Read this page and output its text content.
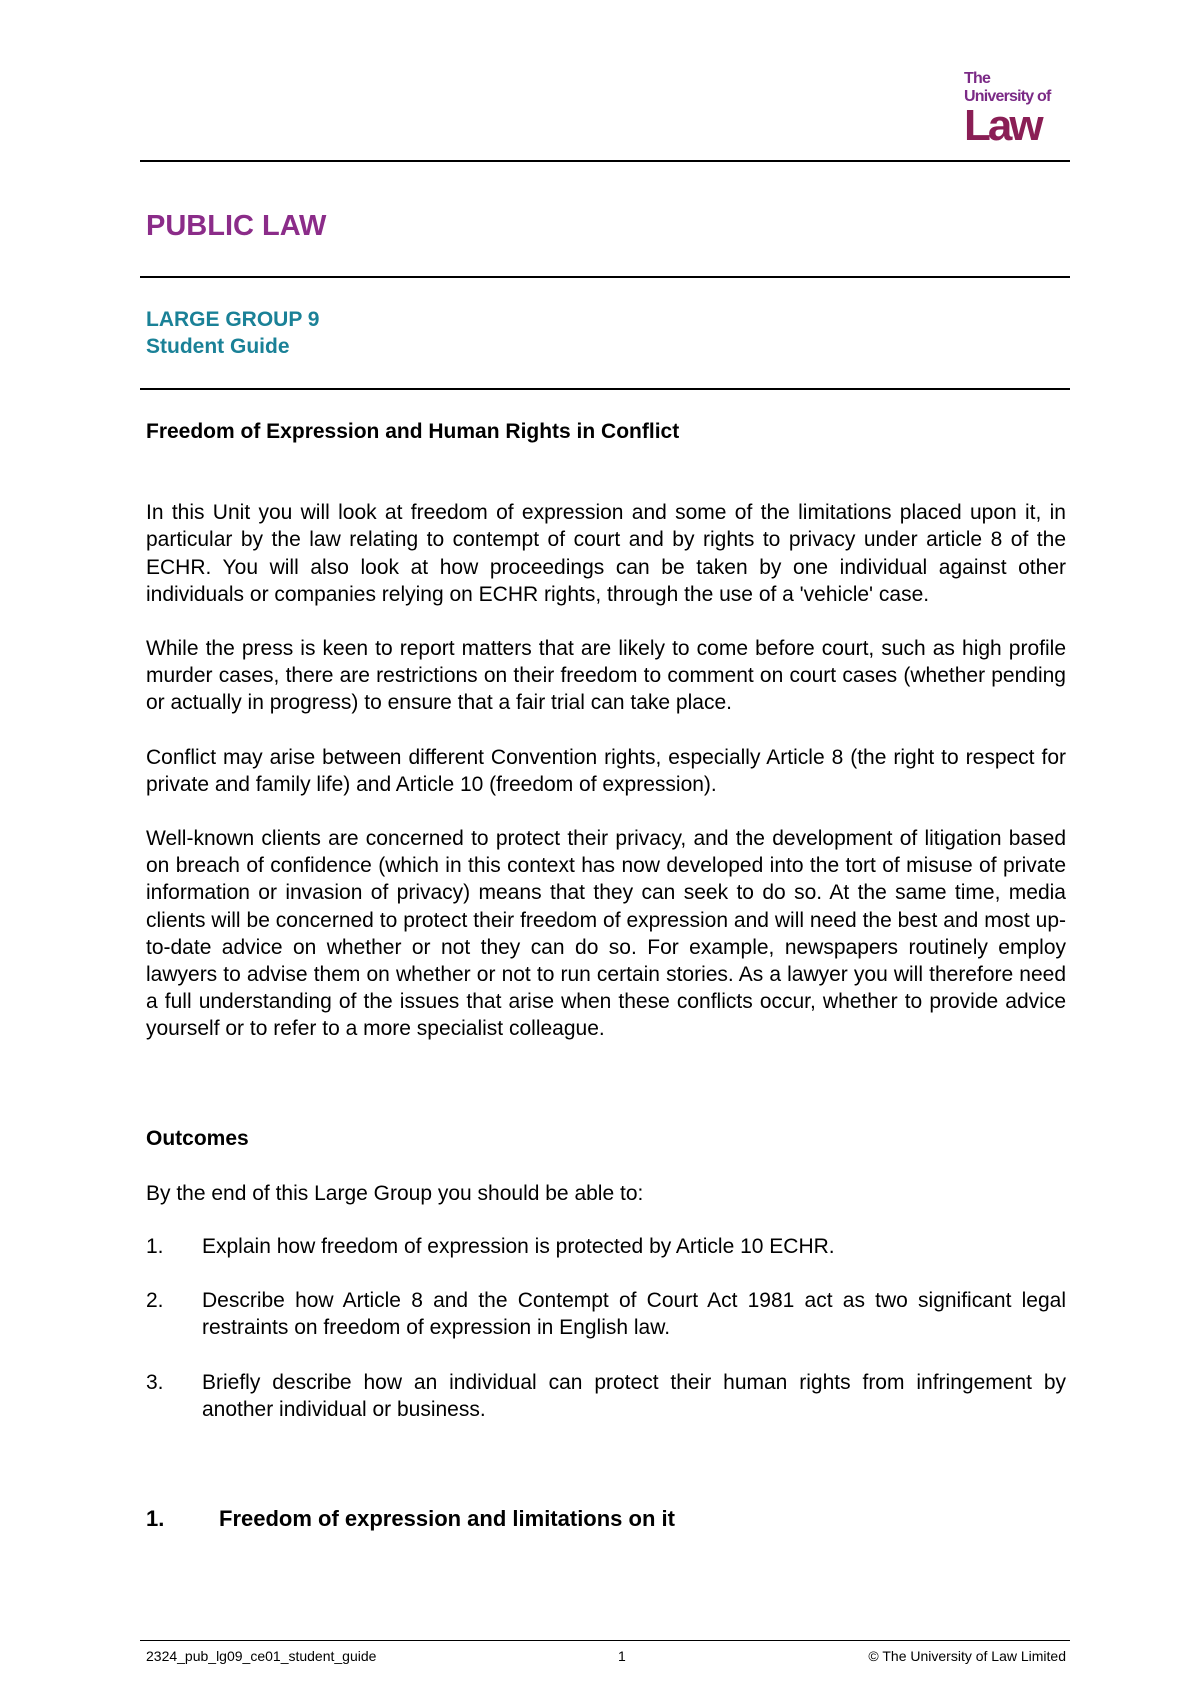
The
University of
Law
PUBLIC LAW
LARGE GROUP 9
Student Guide
Freedom of Expression and Human Rights in Conflict

In this Unit you will look at freedom of expression and some of the limitations placed upon it, in particular by the law relating to contempt of court and by rights to privacy under article 8 of the ECHR. You will also look at how proceedings can be taken by one individual against other individuals or companies relying on ECHR rights, through the use of a 'vehicle' case.

While the press is keen to report matters that are likely to come before court, such as high profile murder cases, there are restrictions on their freedom to comment on court cases (whether pending or actually in progress) to ensure that a fair trial can take place.

Conflict may arise between different Convention rights, especially Article 8 (the right to respect for private and family life) and Article 10 (freedom of expression).

Well-known clients are concerned to protect their privacy, and the development of litigation based on breach of confidence (which in this context has now developed into the tort of misuse of private information or invasion of privacy) means that they can seek to do so. At the same time, media clients will be concerned to protect their freedom of expression and will need the best and most up-to-date advice on whether or not they can do so. For example, newspapers routinely employ lawyers to advise them on whether or not to run certain stories. As a lawyer you will therefore need a full understanding of the issues that arise when these conflicts occur, whether to provide advice yourself or to refer to a more specialist colleague.

Outcomes

By the end of this Large Group you should be able to:

1.	Explain how freedom of expression is protected by Article 10 ECHR.
2.	Describe how Article 8 and the Contempt of Court Act 1981 act as two significant legal restraints on freedom of expression in English law.
3.	Briefly describe how an individual can protect their human rights from infringement by another individual or business.
1.	Freedom of expression and limitations on it
2324_pub_lg09_ce01_student_guide	1	© The University of Law Limited
